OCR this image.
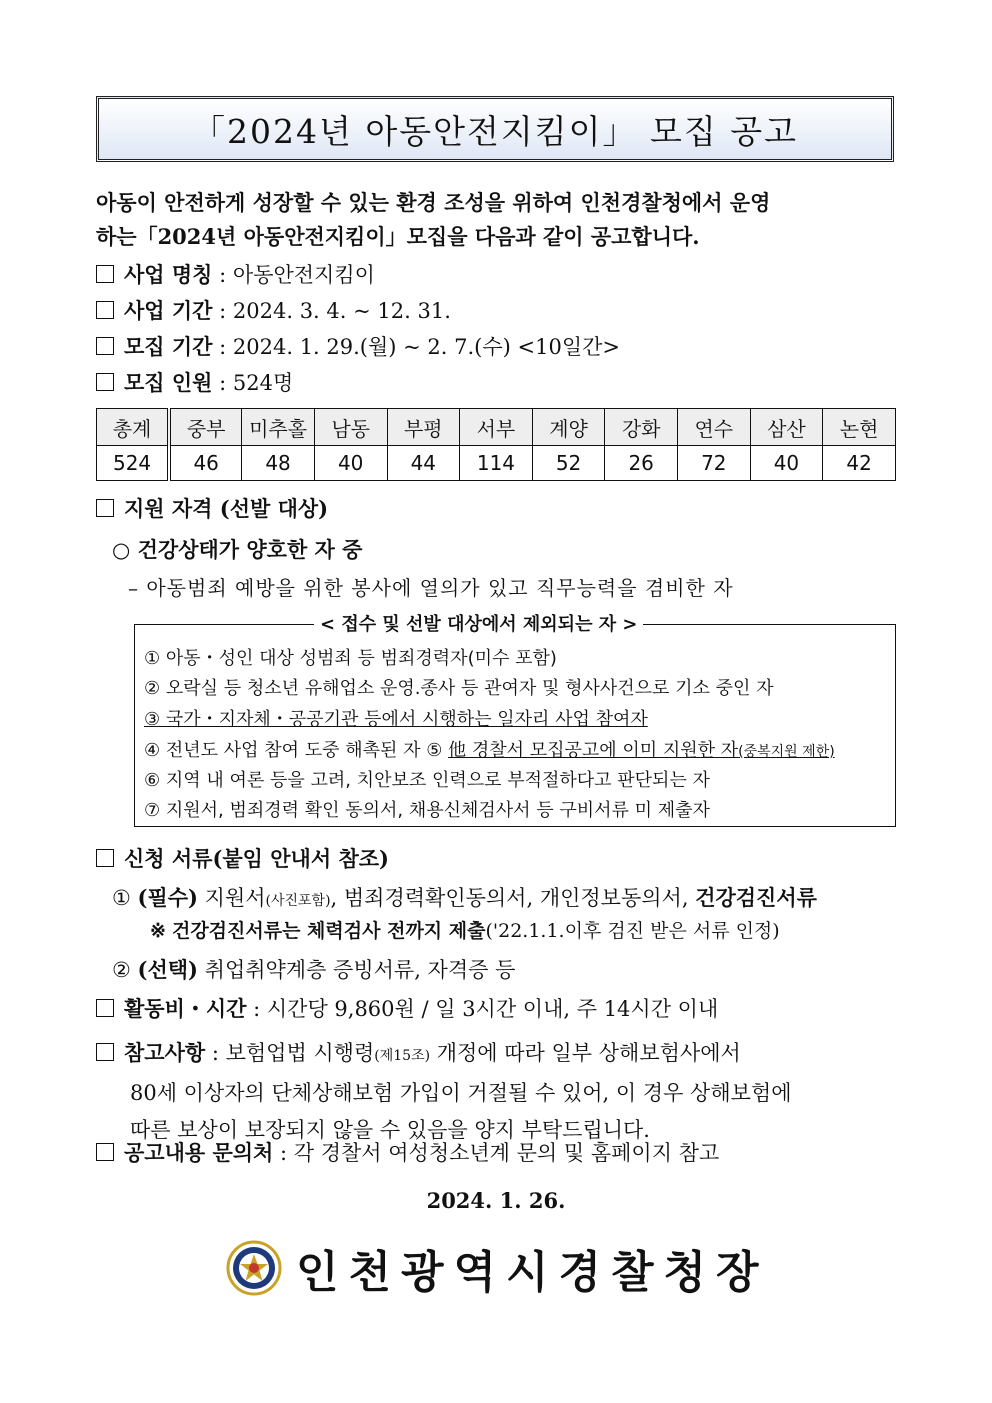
「2024년 아동안전지킴이」 모집 공고
아동이 안전하게 성장할 수 있는 환경 조성을 위하여 인천경찰청에서 운영
하는「2024년 아동안전지킴이」모집을 다음과 같이 공고합니다.
사업 명칭 : 아동안전지킴이
사업 기간 : 2024. 3. 4. ~ 12. 31.
모집 기간 : 2024. 1. 29.(월) ~ 2. 7.(수) <10일간>
모집 인원 : 524명
총계	중부	미추홀	남동	부평	서부	계양	강화	연수	삼산	논현
524	46	48	40	44	114	52	26	72	40	42
지원 자격 (선발 대상)
○ 건강상태가 양호한 자 중
– 아동범죄 예방을 위한 봉사에 열의가 있고 직무능력을 겸비한 자
< 접수 및 선발 대상에서 제외되는 자 >
① 아동・성인 대상 성범죄 등 범죄경력자(미수 포함)
② 오락실 등 청소년 유해업소 운영.종사 등 관여자 및 형사사건으로 기소 중인 자
③ 국가・지자체・공공기관 등에서 시행하는 일자리 사업 참여자
④ 전년도 사업 참여 도중 해촉된 자 ⑤ 他 경찰서 모집공고에 이미 지원한 자(중복지원 제한)
⑥ 지역 내 여론 등을 고려, 치안보조 인력으로 부적절하다고 판단되는 자
⑦ 지원서, 범죄경력 확인 동의서, 채용신체검사서 등 구비서류 미 제출자
신청 서류(붙임 안내서 참조)
① (필수) 지원서(사진포함), 범죄경력확인동의서, 개인정보동의서, 건강검진서류
※ 건강검진서류는 체력검사 전까지 제출('22.1.1.이후 검진 받은 서류 인정)
② (선택) 취업취약계층 증빙서류, 자격증 등
활동비・시간 : 시간당 9,860원 / 일 3시간 이내, 주 14시간 이내
참고사항 : 보험업법 시행령(제15조) 개정에 따라 일부 상해보험사에서
80세 이상자의 단체상해보험 가입이 거절될 수 있어, 이 경우 상해보험에
따른 보상이 보장되지 않을 수 있음을 양지 부탁드립니다.
공고내용 문의처 : 각 경찰서 여성청소년계 문의 및 홈페이지 참고
2024. 1. 26.
인천광역시경찰청장
